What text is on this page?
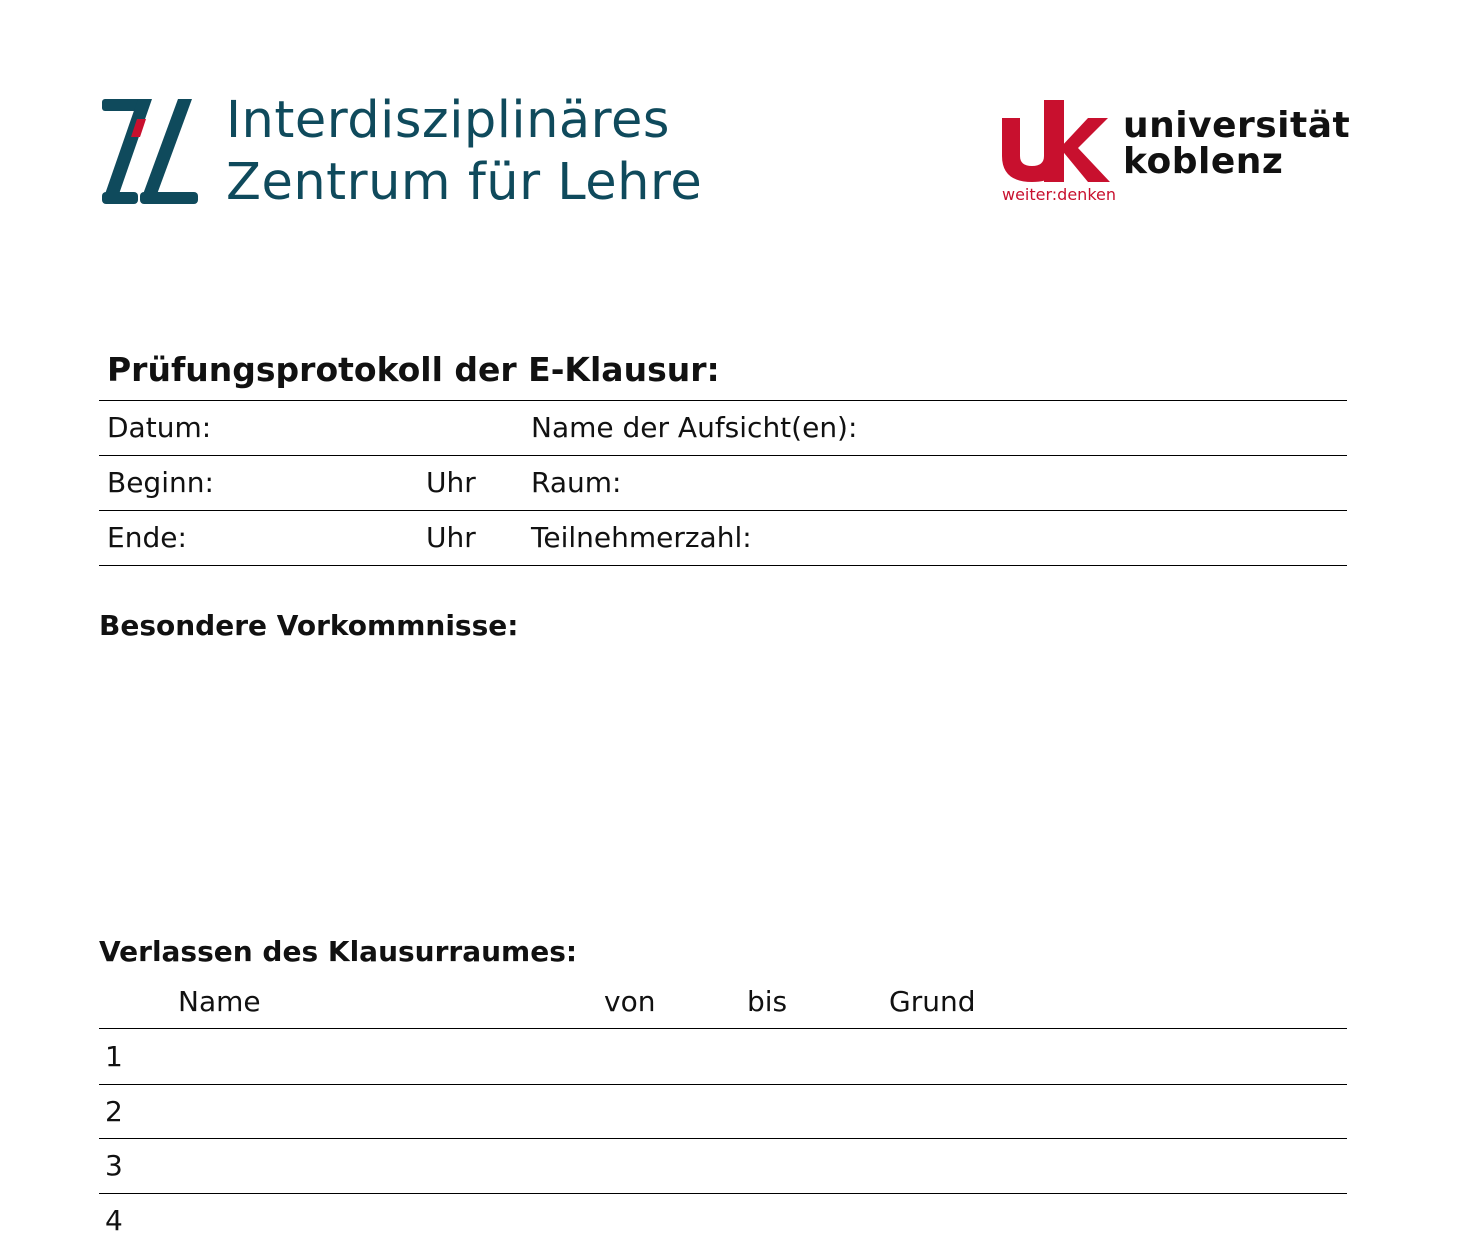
Interdisziplinäres
Zentrum für Lehre
universität
koblenz
weiter:denken
Prüfungsprotokoll der E-Klausur:
Datum:	Name der Aufsicht(en):
Beginn:	Uhr Raum:
Ende:	Uhr Teilnehmerzahl:
Besondere Vorkommnisse:
Verlassen des Klausurraumes:
Name	von	bis	Grund
1
2
3
4
